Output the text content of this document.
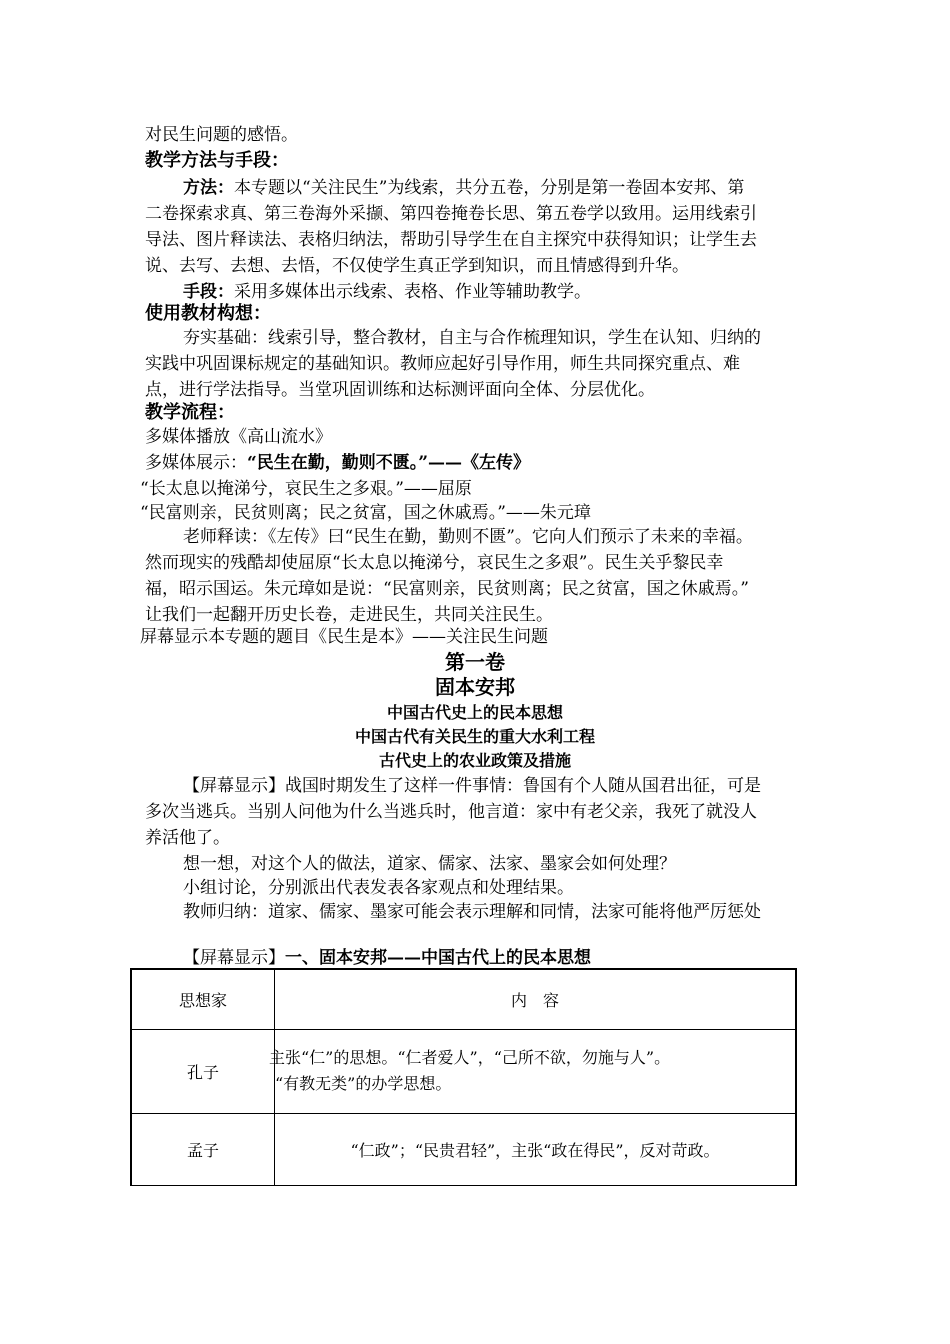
对民生问题的感悟。
教学方法与手段：
方法：本专题以“关注民生”为线索，共分五卷，分别是第一卷固本安邦、第
二卷探索求真、第三卷海外采撷、第四卷掩卷长思、第五卷学以致用。运用线索引
导法、图片释读法、表格归纳法，帮助引导学生在自主探究中获得知识；让学生去
说、去写、去想、去悟，不仅使学生真正学到知识，而且情感得到升华。
手段：采用多媒体出示线索、表格、作业等辅助教学。
使用教材构想：
夯实基础：线索引导，整合教材，自主与合作梳理知识，学生在认知、归纳的
实践中巩固课标规定的基础知识。教师应起好引导作用，师生共同探究重点、难
点，进行学法指导。当堂巩固训练和达标测评面向全体、分层优化。
教学流程：
多媒体播放《高山流水》
多媒体展示：“民生在勤，勤则不匮。”——《左传》
“长太息以掩涕兮，哀民生之多艰。”——屈原
“民富则亲，民贫则离；民之贫富，国之休戚焉。”——朱元璋
老师释读：《左传》曰“民生在勤，勤则不匮”。它向人们预示了未来的幸福。
然而现实的残酷却使屈原“长太息以掩涕兮，哀民生之多艰”。民生关乎黎民幸
福，昭示国运。朱元璋如是说：“民富则亲，民贫则离；民之贫富，国之休戚焉。”
让我们一起翻开历史长卷，走进民生，共同关注民生。
屏幕显示本专题的题目《民生是本》——关注民生问题
第一卷
固本安邦
中国古代史上的民本思想
中国古代有关民生的重大水利工程
古代史上的农业政策及措施
【屏幕显示】战国时期发生了这样一件事情：鲁国有个人随从国君出征，可是
多次当逃兵。当别人问他为什么当逃兵时，他言道：家中有老父亲，我死了就没人
养活他了。
想一想，对这个人的做法，道家、儒家、法家、墨家会如何处理？
小组讨论，分别派出代表发表各家观点和处理结果。
教师归纳：道家、儒家、墨家可能会表示理解和同情，法家可能将他严厉惩处
【屏幕显示】一、固本安邦——中国古代上的民本思想
思想家	内　容
孔子	主张“仁”的思想。“仁者爱人”，“己所不欲，勿施与人”。
“有教无类”的办学思想。

孟子	“仁政”；“民贵君轻”，主张“政在得民”，反对苛政。
